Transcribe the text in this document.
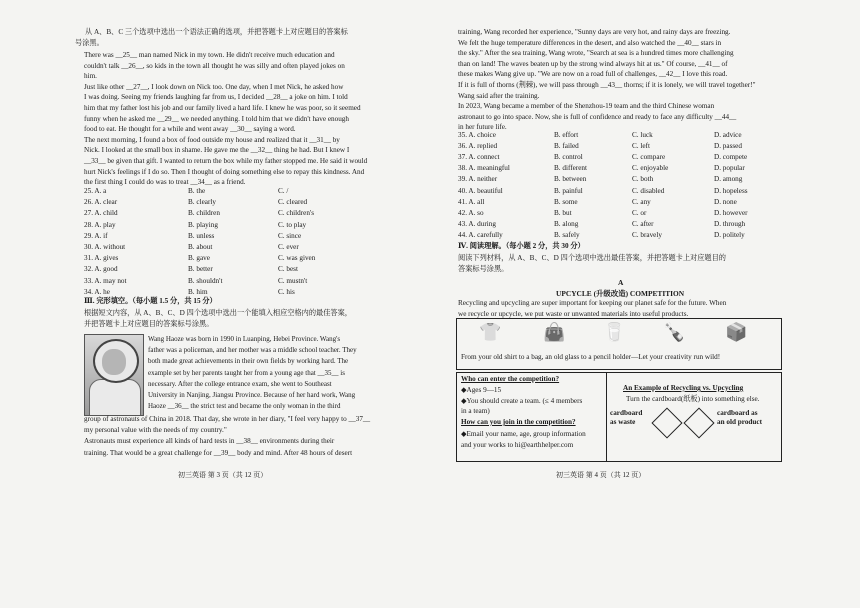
从 A、B、C 三个选项中选出一个语法正确的选项，并把答题卡上对应题目的答案标
号涂黑。
There was __25__ man named Nick in my town. He didn't receive much education and
couldn't talk __26__, so kids in the town all thought he was silly and often played jokes on
him.
Just like other __27__, I look down on Nick too. One day, when I met Nick, he asked how
I was doing. Seeing my friends laughing far from us, I decided __28__ a joke on him. I told
him that my father lost his job and our family lived a hard life. I knew he was poor, so it seemed
funny when he asked me __29__ we needed anything. I told him that we didn't have enough
food to eat. He thought for a while and went away __30__ saying a word.
The next morning, I found a box of food outside my house and realized that it __31__ by
Nick. I looked at the small box in shame. He gave me the __32__ thing he had. But I knew I
__33__ be given that gift. I wanted to return the box while my father stopped me. He said it would
hurt Nick's feelings if I do so. Then I thought of doing something else to repay this kindness. And
the first thing I could do was to treat __34__ as a friend.
25. A. a	B. the	C. /
26. A. clear	B. clearly	C. cleared
27. A. child	B. children	C. children's
28. A. play	B. playing	C. to play
29. A. if	B. unless	C. since
30. A. without	B. about	C. ever
31. A. gives	B. gave	C. was given
32. A. good	B. better	C. best
33. A. may not	B. shouldn't	C. mustn't
34. A. he	B. him	C. his
Ⅲ. 完形填空。（每小题 1.5 分，共 15 分）
根据短文内容，从 A、B、C、D 四个选项中选出一个能填入相应空格内的最佳答案，
并把答题卡上对应题目的答案标号涂黑。
Wang Haoze was born in 1990 in Luanping, Hebei Province. Wang's
father was a policeman, and her mother was a middle school teacher. They
both made great achievements in their own fields by working hard. The
example set by her parents taught her from a young age that __35__ is
necessary. After the college entrance exam, she went to Southeast
University in Nanjing, Jiangsu Province. Because of her hard work, Wang
Haoze __36__ the strict test and became the only woman in the third
group of astronauts of China in 2018. That day, she wrote in her diary, "I feel very happy to __37__
my personal value with the needs of my country."
Astronauts must experience all kinds of hard tests in __38__ environments during their
training. That would be a great challenge for __39__ body and mind. After 48 hours of desert
初三英语 第 3 页（共 12 页）
training, Wang recorded her experience, "Sunny days are very hot, and rainy days are freezing.
We felt the huge temperature differences in the desert, and also watched the __40__ stars in
the sky." After the sea training, Wang wrote, "Search at sea is a hundred times more challenging
than on land! The waves beaten up by the strong wind always hit at us." Of course, __41__ of
these makes Wang give up. "We are now on a road full of challenges, __42__ I love this road.
If it is full of thorns (荆棘), we will pass through __43__ thorns; if it is lonely, we will travel together!"
Wang said after the training.
In 2023, Wang became a member of the Shenzhou-19 team and the third Chinese woman
astronaut to go into space. Now, she is full of confidence and ready to face any difficulty __44__
in her future life.
35. A. choice	B. effort	C. luck	D. advice
36. A. replied	B. failed	C. left	D. passed
37. A. connect	B. control	C. compare	D. compete
38. A. meaningful	B. different	C. enjoyable	D. popular
39. A. neither	B. between	C. both	D. among
40. A. beautiful	B. painful	C. disabled	D. hopeless
41. A. all	B. some	C. any	D. none
42. A. so	B. but	C. or	D. however
43. A. during	B. along	C. after	D. through
44. A. carefully	B. safely	C. bravely	D. politely
Ⅳ. 阅读理解。（每小题 2 分，共 30 分）
阅读下列材料，从 A、B、C、D 四个选项中选出最佳答案，并把答题卡上对应题目的
答案标号涂黑。
A
UPCYCLE (升级改造) COMPETITION
Recycling and upcycling are super important for keeping our planet safe for the future. When
we recycle or upcycle, we put waste or unwanted materials into useful products.
👕 👜 🥛 🍾 📦
From your old shirt to a bag, an old glass to a pencil holder—Let your creativity run wild!
Who can enter the competition?
◆Ages 9—15
◆You should create a team. (≤ 4 members
in a team)
How can you join in the competition?
◆Email your name, age, group information
and your works to hi@earthhelper.com
An Example of Recycling vs. Upcycling
Turn the cardboard(纸板) into something else.
cardboard
as waste
cardboard as
an old product
初三英语 第 4 页（共 12 页）
